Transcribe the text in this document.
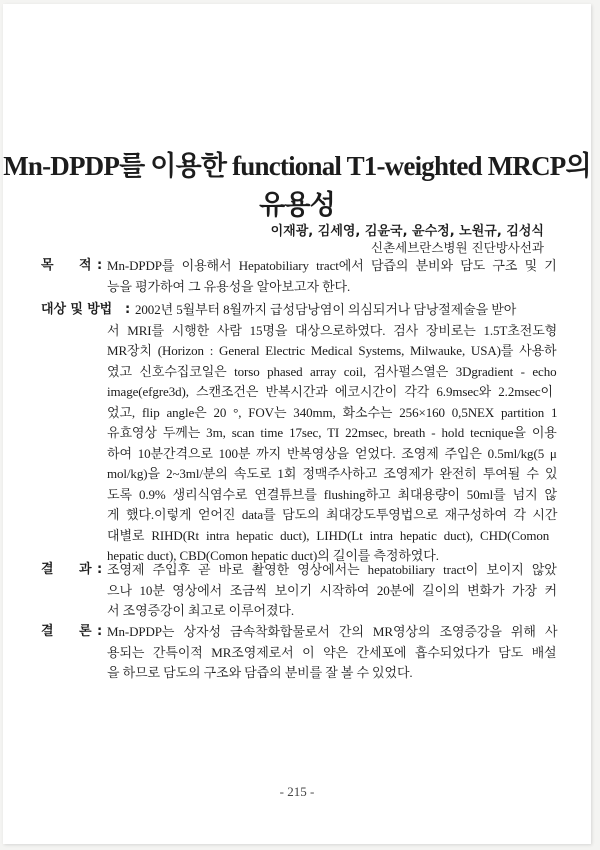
Mn-DPDP를 이용한 functional T1-weighted MRCP의 유용성
이재광, 김세영, 김윤국, 윤수정, 노원규, 김성식
신촌세브란스병원 진단방사선과
목 적 : Mn-DPDP를 이용해서 Hepatobiliary tract에서 담즙의 분비와 담도 구조 및 기
능을 평가하여 그 유용성을 알아보고자 한다.
대상 및 방법 : 2002년 5월부터 8월까지 급성담낭염이 의심되거나 담낭절제술을 받아
서 MRI를 시행한 사람 15명을 대상으로하였다. 검사 장비로는 1.5T초전도형
MR장치 (Horizon : General Electric Medical Systems, Milwauke, USA)를 사용하
였고 신호수집코일은 torso phased array coil, 검사펄스열은 3Dgradient - echo
image(efgre3d), 스캔조건은 반복시간과 에코시간이 각각 6.9msec와 2.2msec이
었고, flip angle은 20 °, FOV는 340mm, 화소수는 256×160 0,5NEX partition 1
유효영상 두께는 3m, scan time 17sec, TI 22msec, breath - hold tecnique을 이용
하여 10분간격으로 100분 까지 반복영상을 얻었다. 조영제 주입은 0.5ml/kg(5 μ
mol/kg)을 2~3ml/분의 속도로 1회 정맥주사하고 조영제가 완전히 투여될 수 있
도록 0.9% 생리식염수로 연결튜브를 flushing하고 최대용량이 50ml를 넘지 않
게 했다.이렇게 얻어진 data를 담도의 최대강도투영법으로 재구성하여 각 시간
대별로 RIHD(Rt intra hepatic duct), LIHD(Lt intra hepatic duct), CHD(Comon
hepatic duct), CBD(Comon hepatic duct)의 길이를 측정하였다.
결 과 : 조영제 주입후 곧 바로 촬영한 영상에서는 hepatobiliary tract이 보이지 않았
으나 10분 영상에서 조금씩 보이기 시작하여 20분에 길이의 변화가 가장 커
서 조영증강이 최고로 이루어졌다.
결 론 : Mn-DPDP는 상자성 금속착화합물로서 간의 MR영상의 조영증강을 위해 사
용되는 간특이적 MR조영제로서 이 약은 간세포에 흡수되었다가 담도 배설
을 하므로 담도의 구조와 담즙의 분비를 잘 볼 수 있었다.
- 215 -
